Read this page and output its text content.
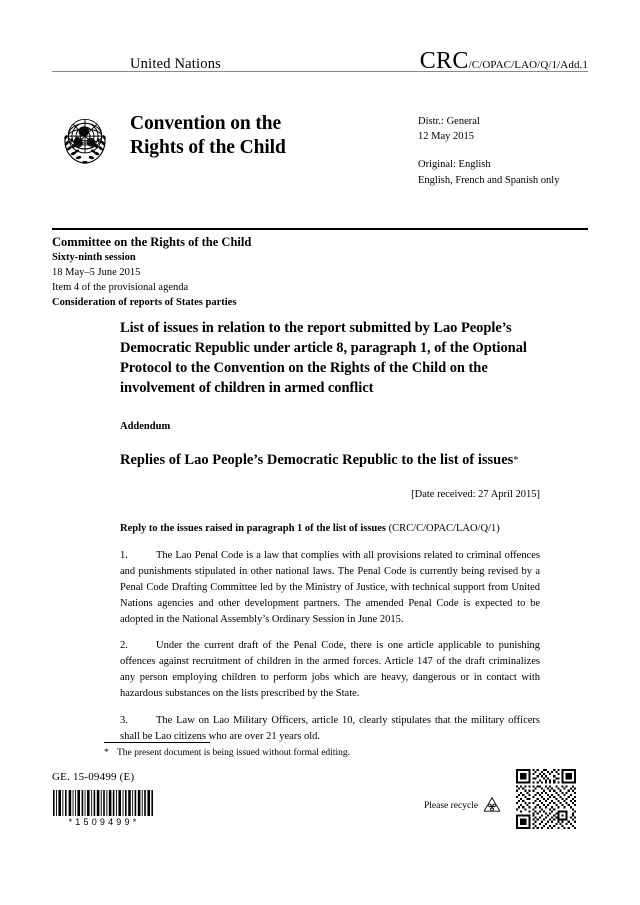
United Nations	CRC/C/OPAC/LAO/Q/1/Add.1
Convention on the
Rights of the Child
Distr.: General
12 May 2015
Original: English
English, French and Spanish only
Committee on the Rights of the Child
Sixty-ninth session
18 May–5 June 2015
Item 4 of the provisional agenda
Consideration of reports of States parties
List of issues in relation to the report submitted by Lao People’s Democratic Republic under article 8, paragraph 1, of the Optional Protocol to the Convention on the Rights of the Child on the involvement of children in armed conflict
Addendum
Replies of Lao People’s Democratic Republic to the list of issues*
[Date received: 27 April 2015]
Reply to the issues raised in paragraph 1 of the list of issues (CRC/C/OPAC/LAO/Q/1)
1.	The Lao Penal Code is a law that complies with all provisions related to criminal offences and punishments stipulated in other national laws. The Penal Code is currently being revised by a Penal Code Drafting Committee led by the Ministry of Justice, with technical support from United Nations agencies and other development partners. The amended Penal Code is expected to be adopted in the National Assembly’s Ordinary Session in June 2015.
2.	Under the current draft of the Penal Code, there is one article applicable to punishing offences against recruitment of children in the armed forces. Article 147 of the draft criminalizes any person employing children to perform jobs which are heavy, dangerous or in contact with hazardous substances on the lists prescribed by the State.
3.	The Law on Lao Military Officers, article 10, clearly stipulates that the military officers shall be Lao citizens who are over 21 years old.
* The present document is being issued without formal editing.
GE. 15-09499 (E)
*1509499*
Please recycle
